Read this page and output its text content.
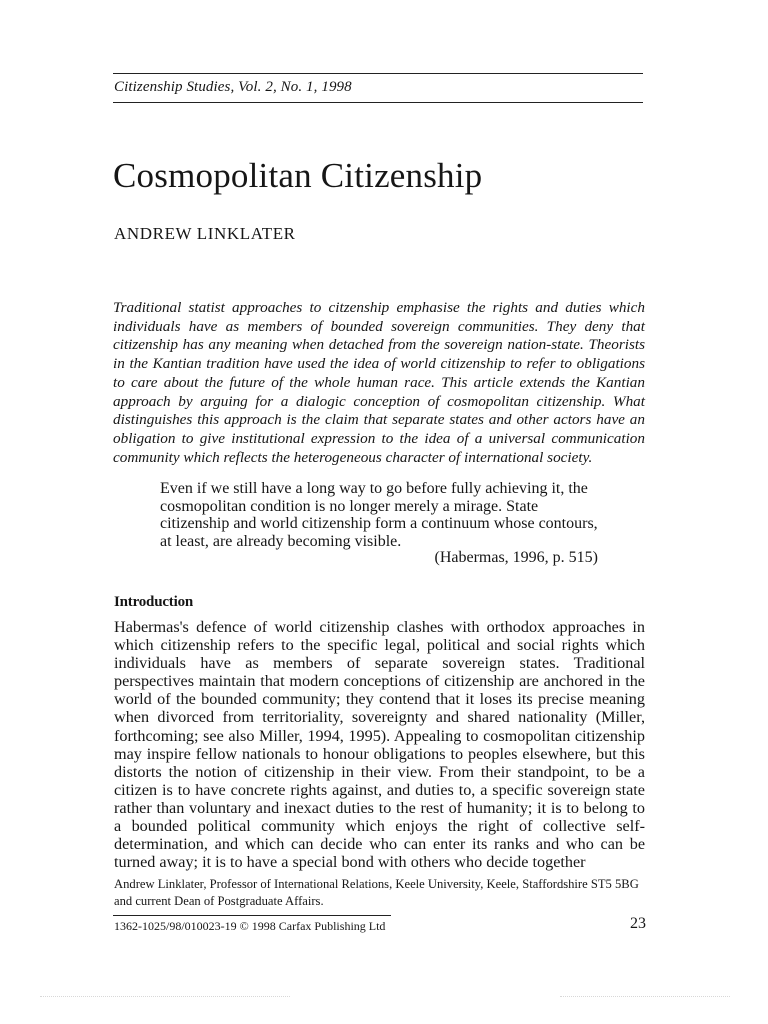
Citizenship Studies, Vol. 2, No. 1, 1998
Cosmopolitan Citizenship
ANDREW LINKLATER

Traditional statist approaches to citzenship emphasise the rights and duties which individuals have as members of bounded sovereign communities. They deny that citizenship has any meaning when detached from the sovereign nation-state. Theorists in the Kantian tradition have used the idea of world citizenship to refer to obligations to care about the future of the whole human race. This article extends the Kantian approach by arguing for a dialogic conception of cosmopolitan citizenship. What distinguishes this approach is the claim that separate states and other actors have an obligation to give institutional expression to the idea of a universal communication community which reflects the heterogeneous character of international society.

Even if we still have a long way to go before fully achieving it, the cosmopolitan condition is no longer merely a mirage. State citizenship and world citizenship form a continuum whose contours, at least, are already becoming visible.

(Habermas, 1996, p. 515)
Introduction

Habermas's defence of world citizenship clashes with orthodox approaches in which citizenship refers to the specific legal, political and social rights which individuals have as members of separate sovereign states. Traditional perspectives maintain that modern conceptions of citizenship are anchored in the world of the bounded community; they contend that it loses its precise meaning when divorced from territoriality, sovereignty and shared nationality (Miller, forthcoming; see also Miller, 1994, 1995). Appealing to cosmopolitan citizenship may inspire fellow nationals to honour obligations to peoples elsewhere, but this distorts the notion of citizenship in their view. From their standpoint, to be a citizen is to have concrete rights against, and duties to, a specific sovereign state rather than voluntary and inexact duties to the rest of humanity; it is to belong to a bounded political community which enjoys the right of collective self-determination, and which can decide who can enter its ranks and who can be turned away; it is to have a special bond with others who decide together

Andrew Linklater, Professor of International Relations, Keele University, Keele, Staffordshire ST5 5BG and current Dean of Postgraduate Affairs.

1362-1025/98/010023-19 © 1998 Carfax Publishing Ltd	23
